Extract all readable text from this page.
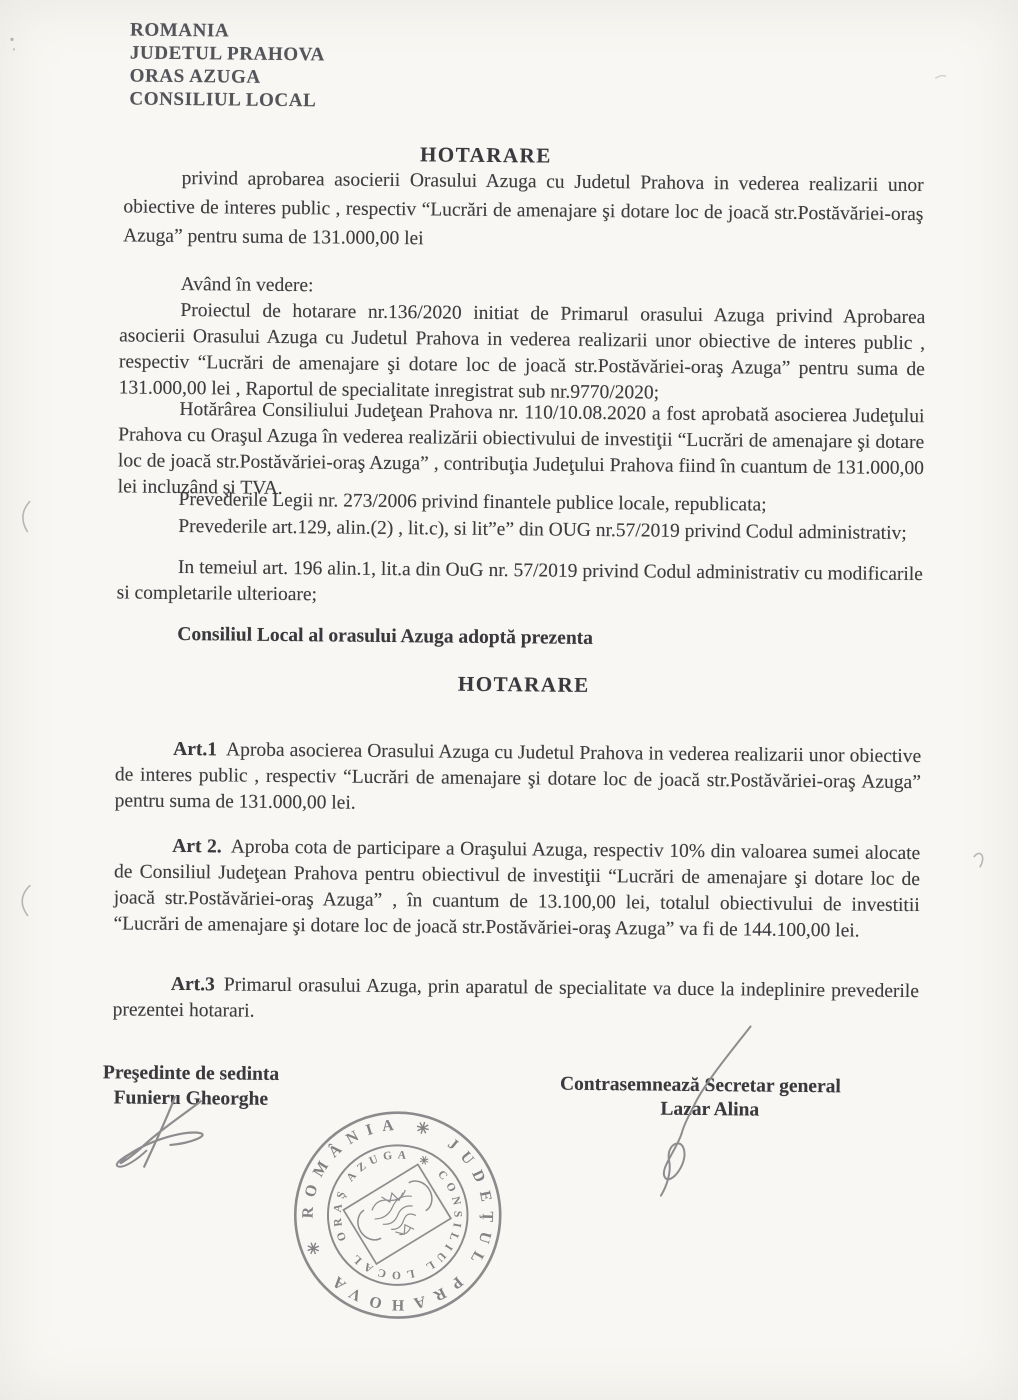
ROMANIA
JUDETUL PRAHOVA
ORAS AZUGA
CONSILIUL LOCAL
HOTARARE

privind aprobarea asocierii Orasului Azuga cu Judetul Prahova in vederea realizarii unor obiective de interes public , respectiv “Lucrări de amenajare şi dotare loc de joacă str.Postăvăriei-oraş Azuga” pentru suma de 131.000,00 lei

Având în vedere:

Proiectul de hotarare nr.136/2020 initiat de Primarul orasului Azuga privind Aprobarea asocierii Orasului Azuga cu Judetul Prahova in vederea realizarii unor obiective de interes public , respectiv “Lucrări de amenajare şi dotare loc de joacă str.Postăvăriei-oraş Azuga” pentru suma de 131.000,00 lei , Raportul de specialitate inregistrat sub nr.9770/2020;

Hotărârea Consiliului Judeţean Prahova nr. 110/10.08.2020 a fost aprobată asocierea Judeţului Prahova cu Oraşul Azuga în vederea realizării obiectivului de investiţii “Lucrări de amenajare şi dotare loc de joacă str.Postăvăriei-oraş Azuga” , contribuţia Judeţului Prahova fiind în cuantum de 131.000,00 lei incluzând şi TVA.

Prevederile Legii nr. 273/2006 privind finantele publice locale, republicata;

Prevederile art.129, alin.(2) , lit.c), si lit”e” din OUG nr.57/2019 privind Codul administrativ;

In temeiul art. 196 alin.1, lit.a din OuG nr. 57/2019 privind Codul administrativ cu modificarile si completarile ulterioare;

Consiliul Local al orasului Azuga adoptă prezenta

HOTARARE

Art.1 Aproba asocierea Orasului Azuga cu Judetul Prahova in vederea realizarii unor obiective de interes public , respectiv “Lucrări de amenajare şi dotare loc de joacă str.Postăvăriei-oraş Azuga” pentru suma de 131.000,00 lei.

Art 2. Aproba cota de participare a Oraşului Azuga, respectiv 10% din valoarea sumei alocate de Consiliul Judeţean Prahova pentru obiectivul de investiţii “Lucrări de amenajare şi dotare loc de joacă str.Postăvăriei-oraş Azuga” , în cuantum de 13.100,00 lei, totalul obiectivului de investitii “Lucrări de amenajare şi dotare loc de joacă str.Postăvăriei-oraş Azuga” va fi de 144.100,00 lei.

Art.3 Primarul orasului Azuga, prin aparatul de specialitate va duce la indeplinire prevederile prezentei hotarari.

Preşedinte de sedinta
Funieru Gheorghe
Contrasemnează Secretar general
Lazar Alina
✳ ROMÂNIA ✳ JUDEŢUL PRAHOVA
ORAŞ AZUGA ✳ CONSILIUL LOCAL
